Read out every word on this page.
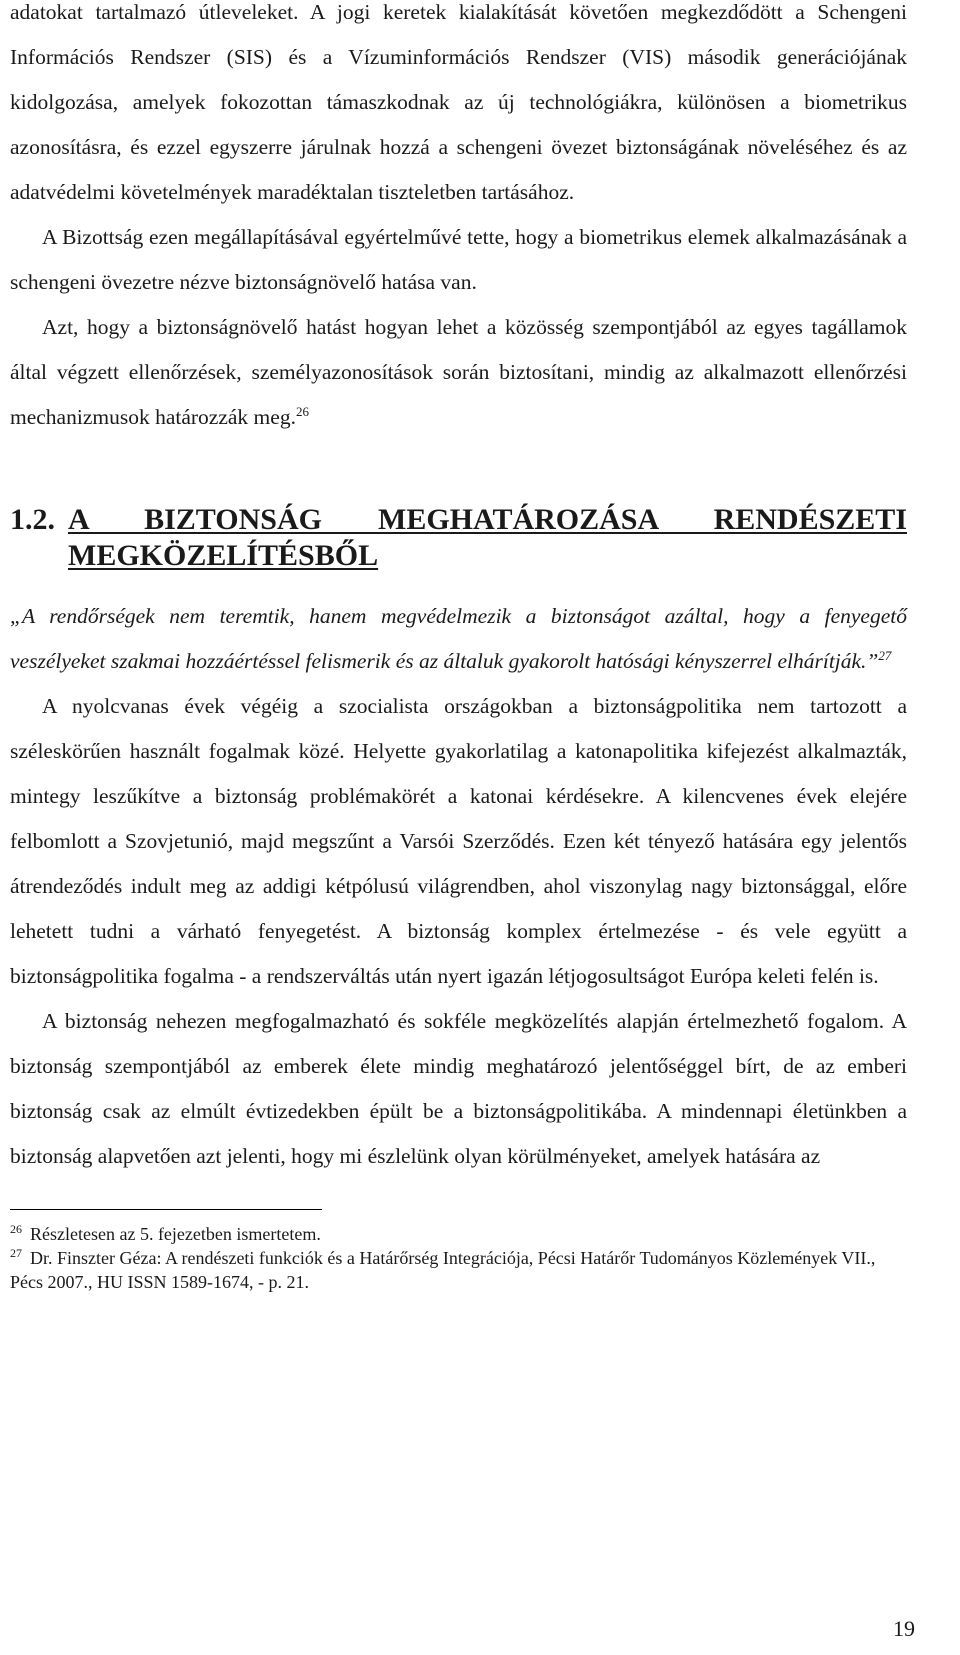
adatokat tartalmazó útleveleket. A jogi keretek kialakítását követően megkezdődött a Schengeni Információs Rendszer (SIS) és a Vízuminformációs Rendszer (VIS) második generációjának kidolgozása, amelyek fokozottan támaszkodnak az új technológiákra, különösen a biometrikus azonosításra, és ezzel egyszerre járulnak hozzá a schengeni övezet biztonságának növeléséhez és az adatvédelmi követelmények maradéktalan tiszteletben tartásához.

A Bizottság ezen megállapításával egyértelművé tette, hogy a biometrikus elemek alkalmazásának a schengeni övezetre nézve biztonságnövelő hatása van.

Azt, hogy a biztonságnövelő hatást hogyan lehet a közösség szempontjából az egyes tagállamok által végzett ellenőrzések, személyazonosítások során biztosítani, mindig az alkalmazott ellenőrzési mechanizmusok határozzák meg.$^{26}$

1.2. A BIZTONSÁG MEGHATÁROZÁSA RENDÉSZETI MEGKÖZELÍTÉSBŐL

„A rendőrségek nem teremtik, hanem megvédelmezik a biztonságot azáltal, hogy a fenyegető veszélyeket szakmai hozzáértéssel felismerik és az általuk gyakorolt hatósági kényszerrel elhárítják.”$^{27}$

A nyolcvanas évek végéig a szocialista országokban a biztonságpolitika nem tartozott a széleskörűen használt fogalmak közé. Helyette gyakorlatilag a katonapolitika kifejezést alkalmazták, mintegy leszűkítve a biztonság problémakörét a katonai kérdésekre. A kilencvenes évek elejére felbomlott a Szovjetunió, majd megszűnt a Varsói Szerződés. Ezen két tényező hatására egy jelentős átrendeződés indult meg az addigi kétpólusú világrendben, ahol viszonylag nagy biztonsággal, előre lehetett tudni a várható fenyegetést. A biztonság komplex értelmezése - és vele együtt a biztonságpolitika fogalma - a rendszerváltás után nyert igazán létjogosultságot Európa keleti felén is.

A biztonság nehezen megfogalmazható és sokféle megközelítés alapján értelmezhető fogalom. A biztonság szempontjából az emberek élete mindig meghatározó jelentőséggel bírt, de az emberi biztonság csak az elmúlt évtizedekben épült be a biztonságpolitikába. A mindennapi életünkben a biztonság alapvetően azt jelenti, hogy mi észlelünk olyan körülményeket, amelyek hatására az

$^{26}$ Részletesen az 5. fejezetben ismertetem.

$^{27}$ Dr. Finszter Géza: A rendészeti funkciók és a Határőrség Integrációja, Pécsi Határőr Tudományos Közlemények VII., Pécs 2007., HU ISSN 1589-1674, - p. 21.

19
